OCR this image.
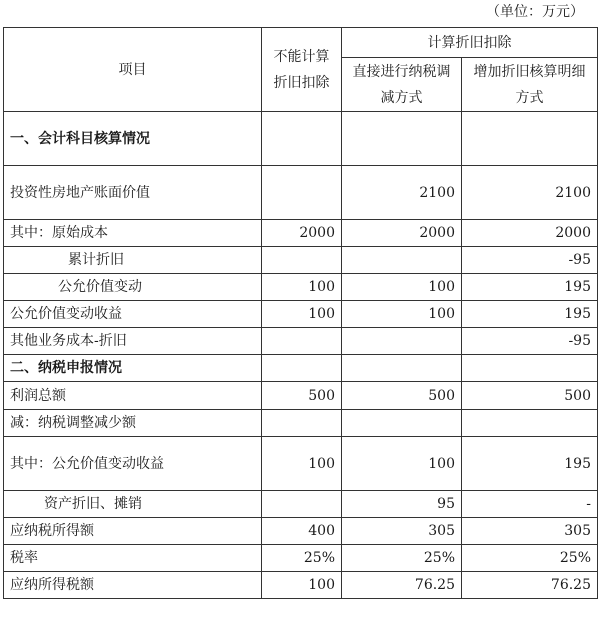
（单位：万元）
项目	不能计算折旧扣除	计算折旧扣除	
		直接进行纳税调减方式	增加折旧核算明细方式
一、会计科目核算情况			
投资性房地产账面价值		2100	2100
其中：原始成本	2000	2000	2000
累计折旧			-95
公允价值变动	100	100	195
公允价值变动收益	100	100	195
其他业务成本-折旧			-95
二、纳税申报情况			
利润总额	500	500	500
减：纳税调整减少额			
其中：公允价值变动收益	100	100	195
资产折旧、摊销		95	-
应纳税所得额	400	305	305
税率	25%	25%	25%
应纳所得税额	100	76.25	76.25
